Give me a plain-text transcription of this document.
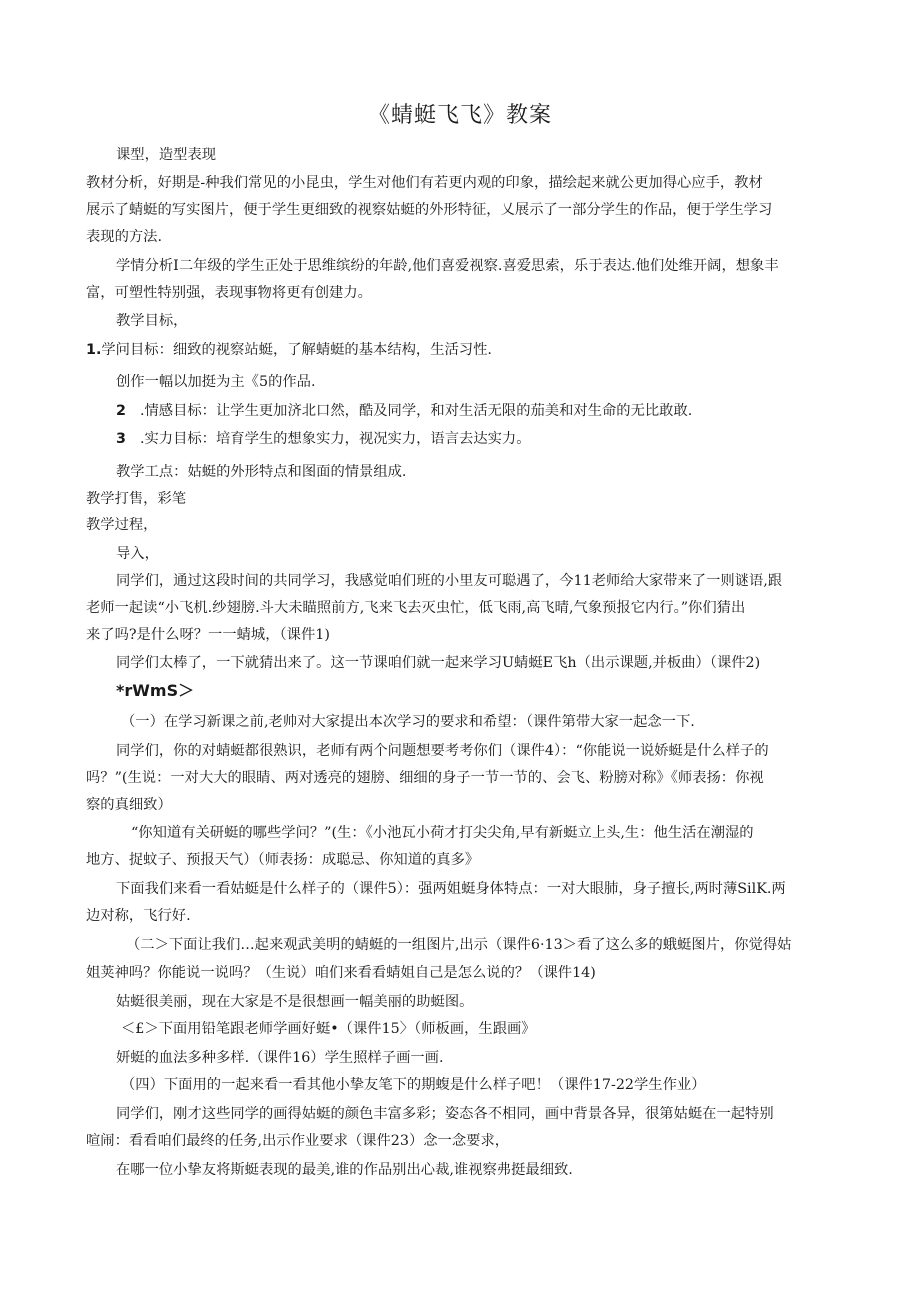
《蜻蜓飞飞》教案
课型，造型表现
教材分析，好期是-种我们常见的小昆虫，学生对他们有若更内观的印象，描绘起来就公更加得心应手，教材
展示了蜻蜓的写实图片，便于学生更细致的视察姑蜓的外形特征，乂展示了一部分学生的作品，便于学生学习
表现的方法.
学情分析I二年级的学生正处于思维缤纷的年龄,他们喜爱视察.喜爱思索，乐于表达.他们处维开阔，想象丰
富，可塑性特别强，表现事物将更有创建力。
教学目标，
1.学问目标：细致的视察站蜓，了解蜻蜓的基本结构，生活习性.
创作一幅以加挺为主《5的作品.
2 .情感目标：让学生更加济北口然，酷及同学，和对生活无限的茄美和对生命的无比敢敢.
3 .实力目标：培育学生的想象实力，视况实力，语言去达实力。
教学工点：姑蜓的外形特点和图面的情景组成.
教学打售，彩笔
教学过程，
导入，
同学们，通过这段时间的共同学习，我感觉咱们班的小里友可聪遇了，今11老师给大家带来了一则谜语,跟
老师一起读“小飞机.纱翅膀.斗大未瞄照前方,飞来飞去灭虫忙，低飞雨,高飞晴,气象预报它内行。”你们猜出
来了吗?是什么呀？一一蜻城，（课件1)
同学们太棒了，一下就猜出来了。这一节课咱们就一起来学习U蜻蜓E飞h（出示课题,并板曲）（课件2)
*rWmS＞
（一）在学习新课之前,老帅对大家提出本次学习的要求和希望：（课件第带大家一起念一下.
同学们，你的对蜻蜓都很熟识，老师有两个问题想要考考你们（课件4）：“你能说一说娇蜓是什么样子的
吗？”(生说：一对大大的眼睛、两对透亮的翅膀、细细的身子一节一节的、会飞、粉膀对称》《师表扬：你视
察的真细致）
“你知道有关研蜓的哪些学问？”(生：《小池瓦小荷才打尖尖角,早有新蜓立上头,生：他生活在潮湿的
地方、捉蚊子、预报天气）（师表扬：成聪忌、你知道的真多》
下面我们来看一看姑蜓是什么样子的（课件5）：强两姐蜓身体特点：一对大眼肺，身子擅长,两时薄SilK.两
边对称，飞行好.
（二＞下面让我们…起来观武美明的蜻蜓的一组图片,出示（课件6·13＞看了这么多的蛾蜓图片，你觉得姑
姐荚神吗？你能说一说吗？（生说）咱们来看看蜻姐自己是怎么说的？（课件14)
姑蜓很美丽，现在大家是不是很想画一幅美丽的助蜓图。
＜£＞下面用铅笔跟老师学画好蜓•（课件15〉（师板画，生跟画》
妍蜓的血法多种多样.（课件16）学生照样子画一画.
（四）下面用的一起来看一看其他小挚友笔下的期蝮是什么样子吧！（课件17-22学生作业）
同学们，刚才这些同学的画得姑蜓的颜色丰富多彩；姿态各不相同，画中背景各异，很第姑蜓在一起特别
喧闹：看看咱们最终的任务,出示作业要求（课件23）念一念要求，
在哪一位小挚友将斯蜓表现的最美,谁的作品别出心裁,谁视察弗挺最细致.
